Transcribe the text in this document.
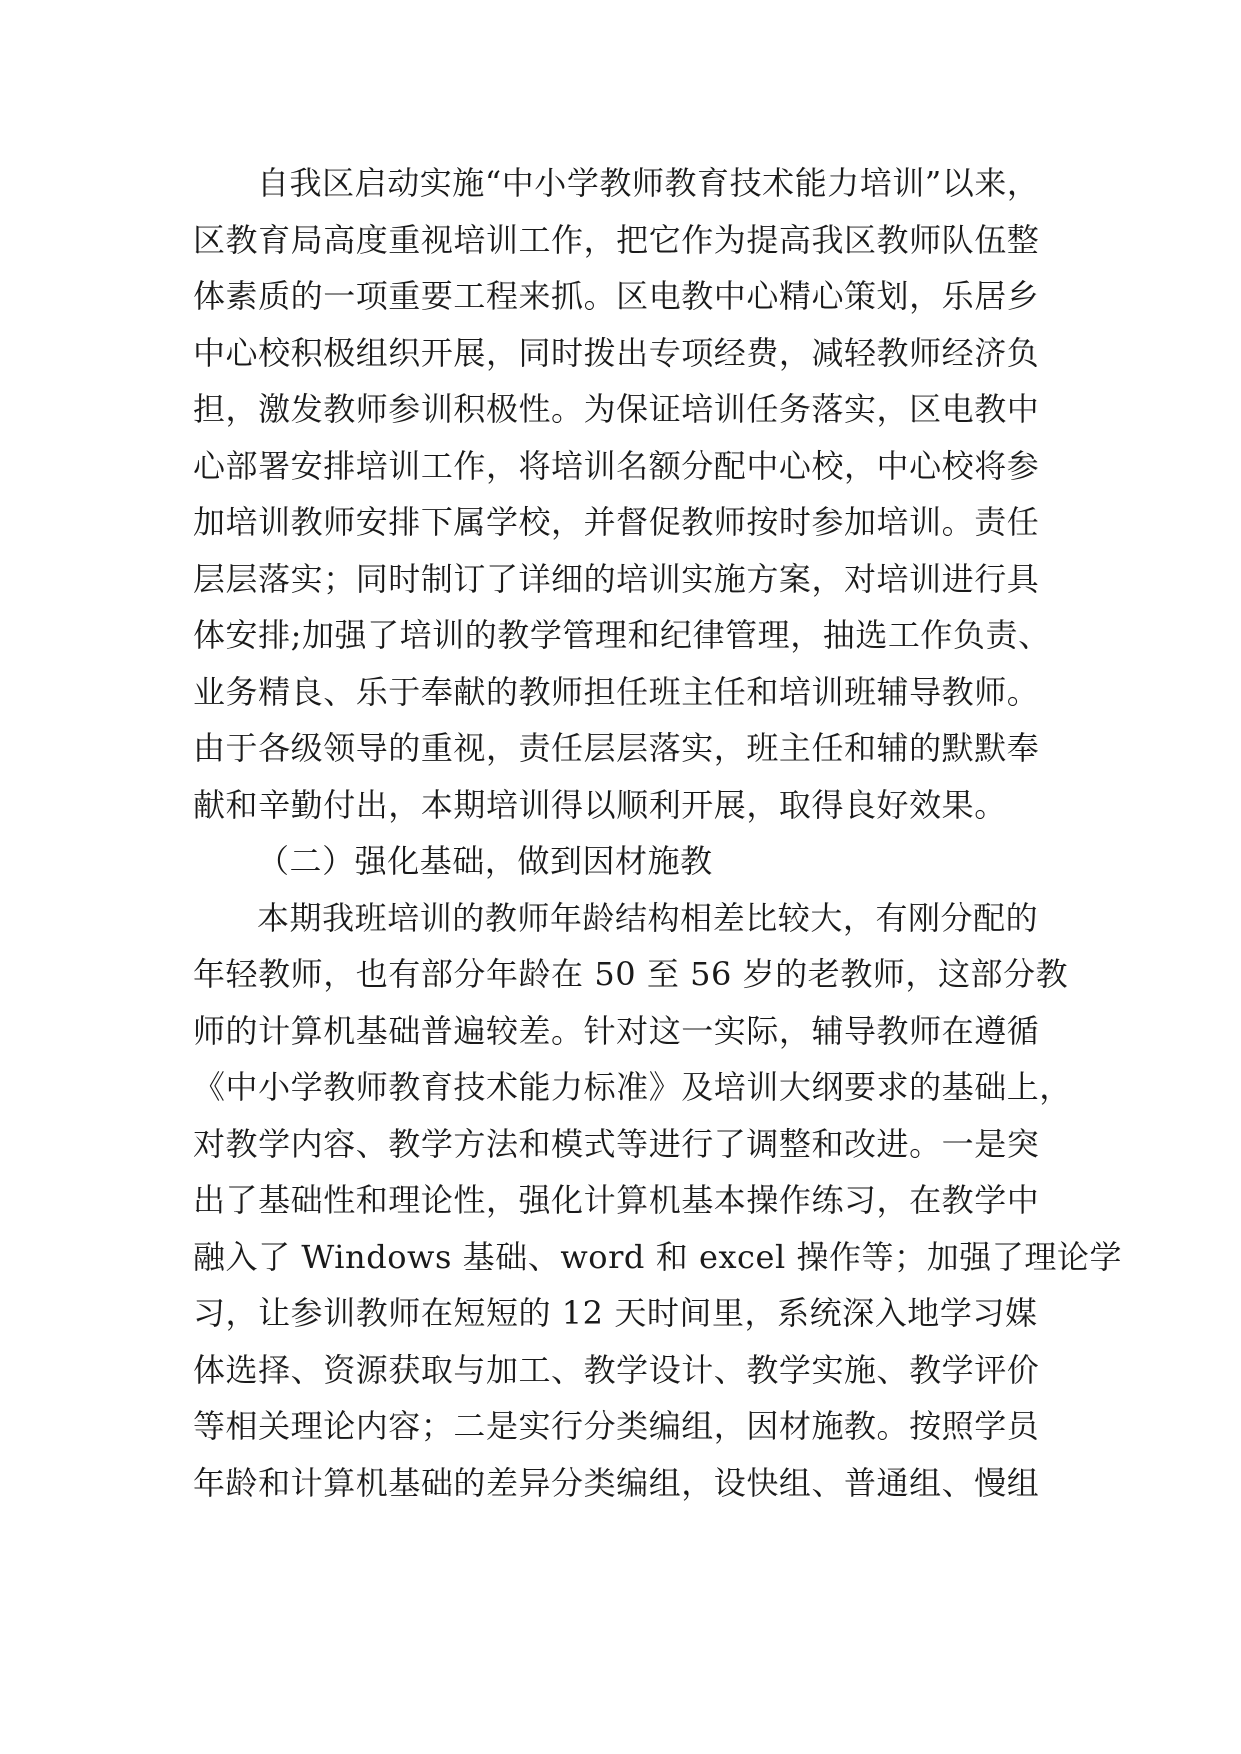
自我区启动实施“中小学教师教育技术能力培训”以来，
区教育局高度重视培训工作，把它作为提高我区教师队伍整
体素质的一项重要工程来抓。区电教中心精心策划，乐居乡
中心校积极组织开展，同时拨出专项经费，减轻教师经济负
担，激发教师参训积极性。为保证培训任务落实，区电教中
心部署安排培训工作，将培训名额分配中心校，中心校将参
加培训教师安排下属学校，并督促教师按时参加培训。责任
层层落实；同时制订了详细的培训实施方案，对培训进行具
体安排;加强了培训的教学管理和纪律管理，抽选工作负责、
业务精良、乐于奉献的教师担任班主任和培训班辅导教师。
由于各级领导的重视，责任层层落实，班主任和辅的默默奉
献和辛勤付出，本期培训得以顺利开展，取得良好效果。
（二）强化基础，做到因材施教
本期我班培训的教师年龄结构相差比较大，有刚分配的
年轻教师，也有部分年龄在 50 至 56 岁的老教师，这部分教
师的计算机基础普遍较差。针对这一实际，辅导教师在遵循
《中小学教师教育技术能力标准》及培训大纲要求的基础上，
对教学内容、教学方法和模式等进行了调整和改进。一是突
出了基础性和理论性，强化计算机基本操作练习，在教学中
融入了 Windows 基础、word 和 excel 操作等；加强了理论学
习，让参训教师在短短的 12 天时间里，系统深入地学习媒
体选择、资源获取与加工、教学设计、教学实施、教学评价
等相关理论内容；二是实行分类编组，因材施教。按照学员
年龄和计算机基础的差异分类编组，设快组、普通组、慢组
